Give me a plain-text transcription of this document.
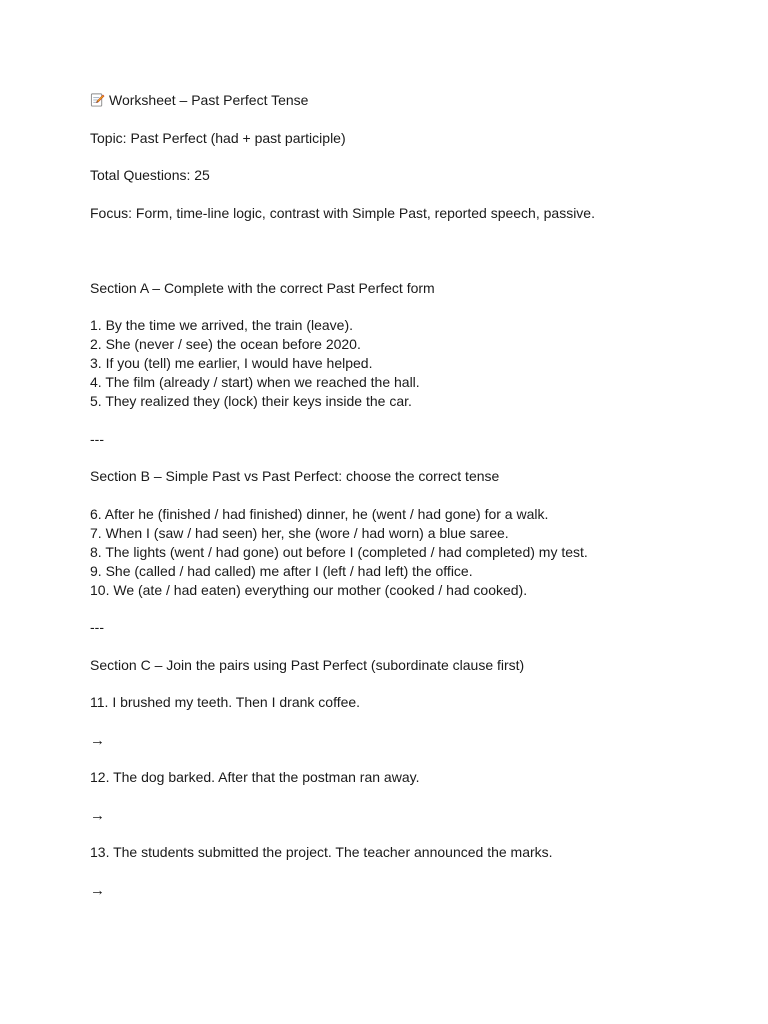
Worksheet – Past Perfect Tense
Topic: Past Perfect (had + past participle)
Total Questions: 25
Focus: Form, time-line logic, contrast with Simple Past, reported speech, passive.
Section A – Complete with the correct Past Perfect form
1. By the time we arrived, the train (leave).
2. She (never / see) the ocean before 2020.
3. If you (tell) me earlier, I would have helped.
4. The film (already / start) when we reached the hall.
5. They realized they (lock) their keys inside the car.
---
Section B – Simple Past vs Past Perfect: choose the correct tense
6. After he (finished / had finished) dinner, he (went / had gone) for a walk.
7. When I (saw / had seen) her, she (wore / had worn) a blue saree.
8. The lights (went / had gone) out before I (completed / had completed) my test.
9. She (called / had called) me after I (left / had left) the office.
10. We (ate / had eaten) everything our mother (cooked / had cooked).
---
Section C – Join the pairs using Past Perfect (subordinate clause first)
11. I brushed my teeth. Then I drank coffee.
→
12. The dog barked. After that the postman ran away.
→
13. The students submitted the project. The teacher announced the marks.
→
